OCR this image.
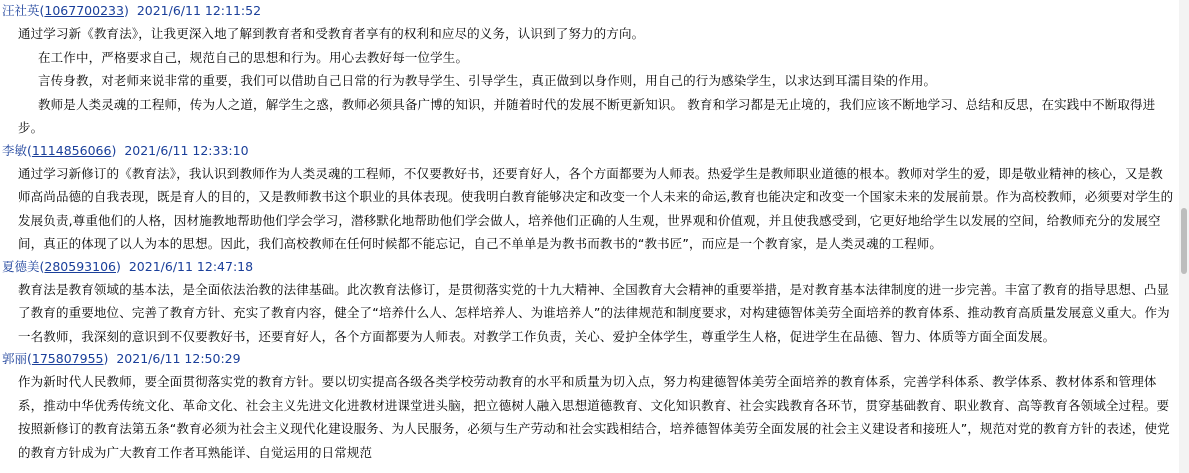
汪社英(1067700233) 2021/6/11 12:11:52

通过学习新《教育法》，让我更深入地了解到教育者和受教育者享有的权利和应尽的义务，认识到了努力的方向。

在工作中，严格要求自己，规范自己的思想和行为。用心去教好每一位学生。

言传身教，对老师来说非常的重要，我们可以借助自己日常的行为教导学生、引导学生，真正做到以身作则，用自己的行为感染学生，以求达到耳濡目染的作用。

教师是人类灵魂的工程师，传为人之道，解学生之惑，教师必须具备广博的知识，并随着时代的发展不断更新知识。 教育和学习都是无止境的，我们应该不断地学习、总结和反思，在实践中不断取得进步。

李敏(1114856066) 2021/6/11 12:33:10

通过学习新修订的《教育法》，我认识到教师作为人类灵魂的工程师，不仅要教好书，还要育好人，各个方面都要为人师表。热爱学生是教师职业道德的根本。教师对学生的爱，即是敬业精神的核心，又是教师高尚品德的自我表现，既是育人的目的，又是教师教书这个职业的具体表现。使我明白教育能够决定和改变一个人未来的命运,教育也能决定和改变一个国家未来的发展前景。作为高校教师，必须要对学生的发展负责,尊重他们的人格，因材施教地帮助他们学会学习，潜移默化地帮助他们学会做人，培养他们正确的人生观，世界观和价值观，并且使我感受到，它更好地给学生以发展的空间，给教师充分的发展空间，真正的体现了以人为本的思想。因此，我们高校教师在任何时候都不能忘记，自己不单单是为教书而教书的“教书匠”，而应是一个教育家，是人类灵魂的工程师。

夏德美(280593106) 2021/6/11 12:47:18

教育法是教育领域的基本法，是全面依法治教的法律基础。此次教育法修订，是贯彻落实党的十九大精神、全国教育大会精神的重要举措，是对教育基本法律制度的进一步完善。丰富了教育的指导思想、凸显了教育的重要地位、完善了教育方针、充实了教育内容，健全了“培养什么人、怎样培养人、为谁培养人”的法律规范和制度要求，对构建德智体美劳全面培养的教育体系、推动教育高质量发展意义重大。作为一名教师，我深刻的意识到不仅要教好书，还要育好人，各个方面都要为人师表。对教学工作负责，关心、爱护全体学生，尊重学生人格，促进学生在品德、智力、体质等方面全面发展。

郭丽(175807955) 2021/6/11 12:50:29

作为新时代人民教师，要全面贯彻落实党的教育方针。要以切实提高各级各类学校劳动教育的水平和质量为切入点，努力构建德智体美劳全面培养的教育体系，完善学科体系、教学体系、教材体系和管理体系，推动中华优秀传统文化、革命文化、社会主义先进文化进教材进课堂进头脑，把立德树人融入思想道德教育、文化知识教育、社会实践教育各环节，贯穿基础教育、职业教育、高等教育各领域全过程。要按照新修订的教育法第五条“教育必须为社会主义现代化建设服务、为人民服务，必须与生产劳动和社会实践相结合，培养德智体美劳全面发展的社会主义建设者和接班人”，规范对党的教育方针的表述，使党的教育方针成为广大教育工作者耳熟能详、自觉运用的日常规范
